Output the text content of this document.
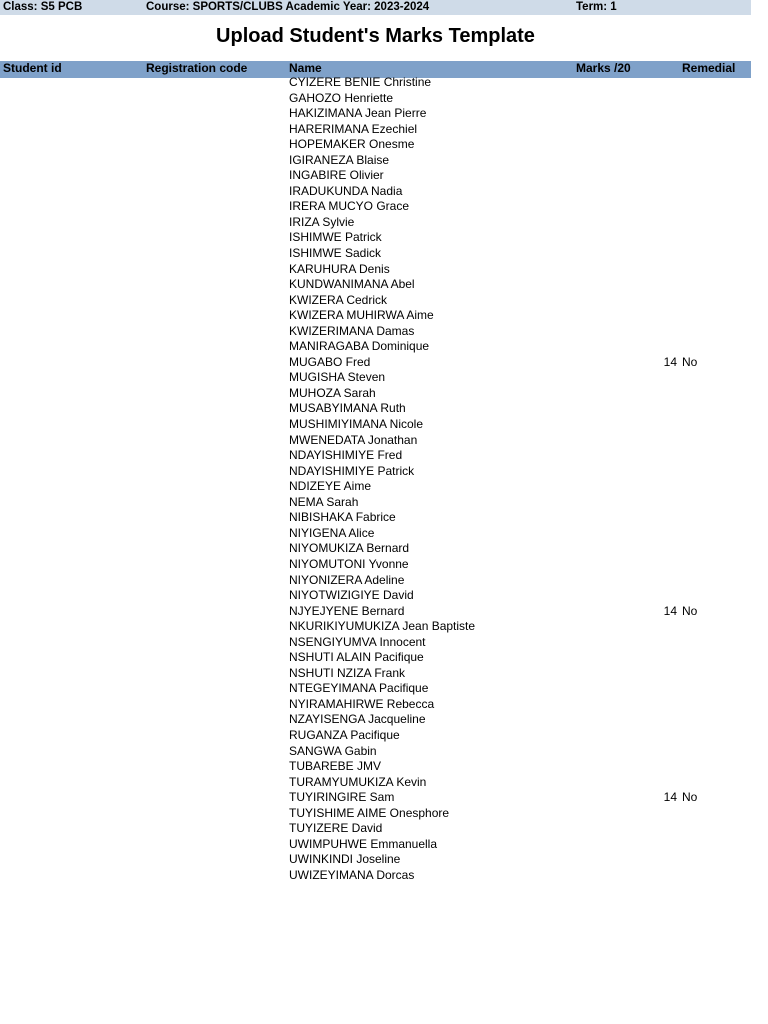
Class: S5 PCB	Course: SPORTS/CLUBS Academic Year: 2023-2024	Term: 1
Upload Student's Marks Template
Student id	Registration code	Name	Marks /20	Remedial
CYIZERE BENIE Christine
GAHOZO Henriette
HAKIZIMANA Jean Pierre
HARERIMANA Ezechiel
HOPEMAKER Onesme
IGIRANEZA Blaise
INGABIRE Olivier
IRADUKUNDA Nadia
IRERA MUCYO Grace
IRIZA Sylvie
ISHIMWE Patrick
ISHIMWE Sadick
KARUHURA Denis
KUNDWANIMANA Abel
KWIZERA Cedrick
KWIZERA MUHIRWA Aime
KWIZERIMANA Damas
MANIRAGABA Dominique
MUGABO Fred	14 No
MUGISHA Steven
MUHOZA Sarah
MUSABYIMANA Ruth
MUSHIMIYIMANA Nicole
MWENEDATA Jonathan
NDAYISHIMIYE Fred
NDAYISHIMIYE Patrick
NDIZEYE Aime
NEMA Sarah
NIBISHAKA Fabrice
NIYIGENA Alice
NIYOMUKIZA Bernard
NIYOMUTONI Yvonne
NIYONIZERA Adeline
NIYOTWIZIGIYE David
NJYEJYENE Bernard	14 No
NKURIKIYUMUKIZA Jean Baptiste
NSENGIYUMVA Innocent
NSHUTI ALAIN Pacifique
NSHUTI NZIZA Frank
NTEGEYIMANA Pacifique
NYIRAMAHIRWE Rebecca
NZAYISENGA Jacqueline
RUGANZA Pacifique
SANGWA Gabin
TUBAREBE JMV
TURAMYUMUKIZA Kevin
TUYIRINGIRE Sam	14 No
TUYISHIME AIME Onesphore
TUYIZERE David
UWIMPUHWE Emmanuella
UWINKINDI Joseline
UWIZEYIMANA Dorcas
